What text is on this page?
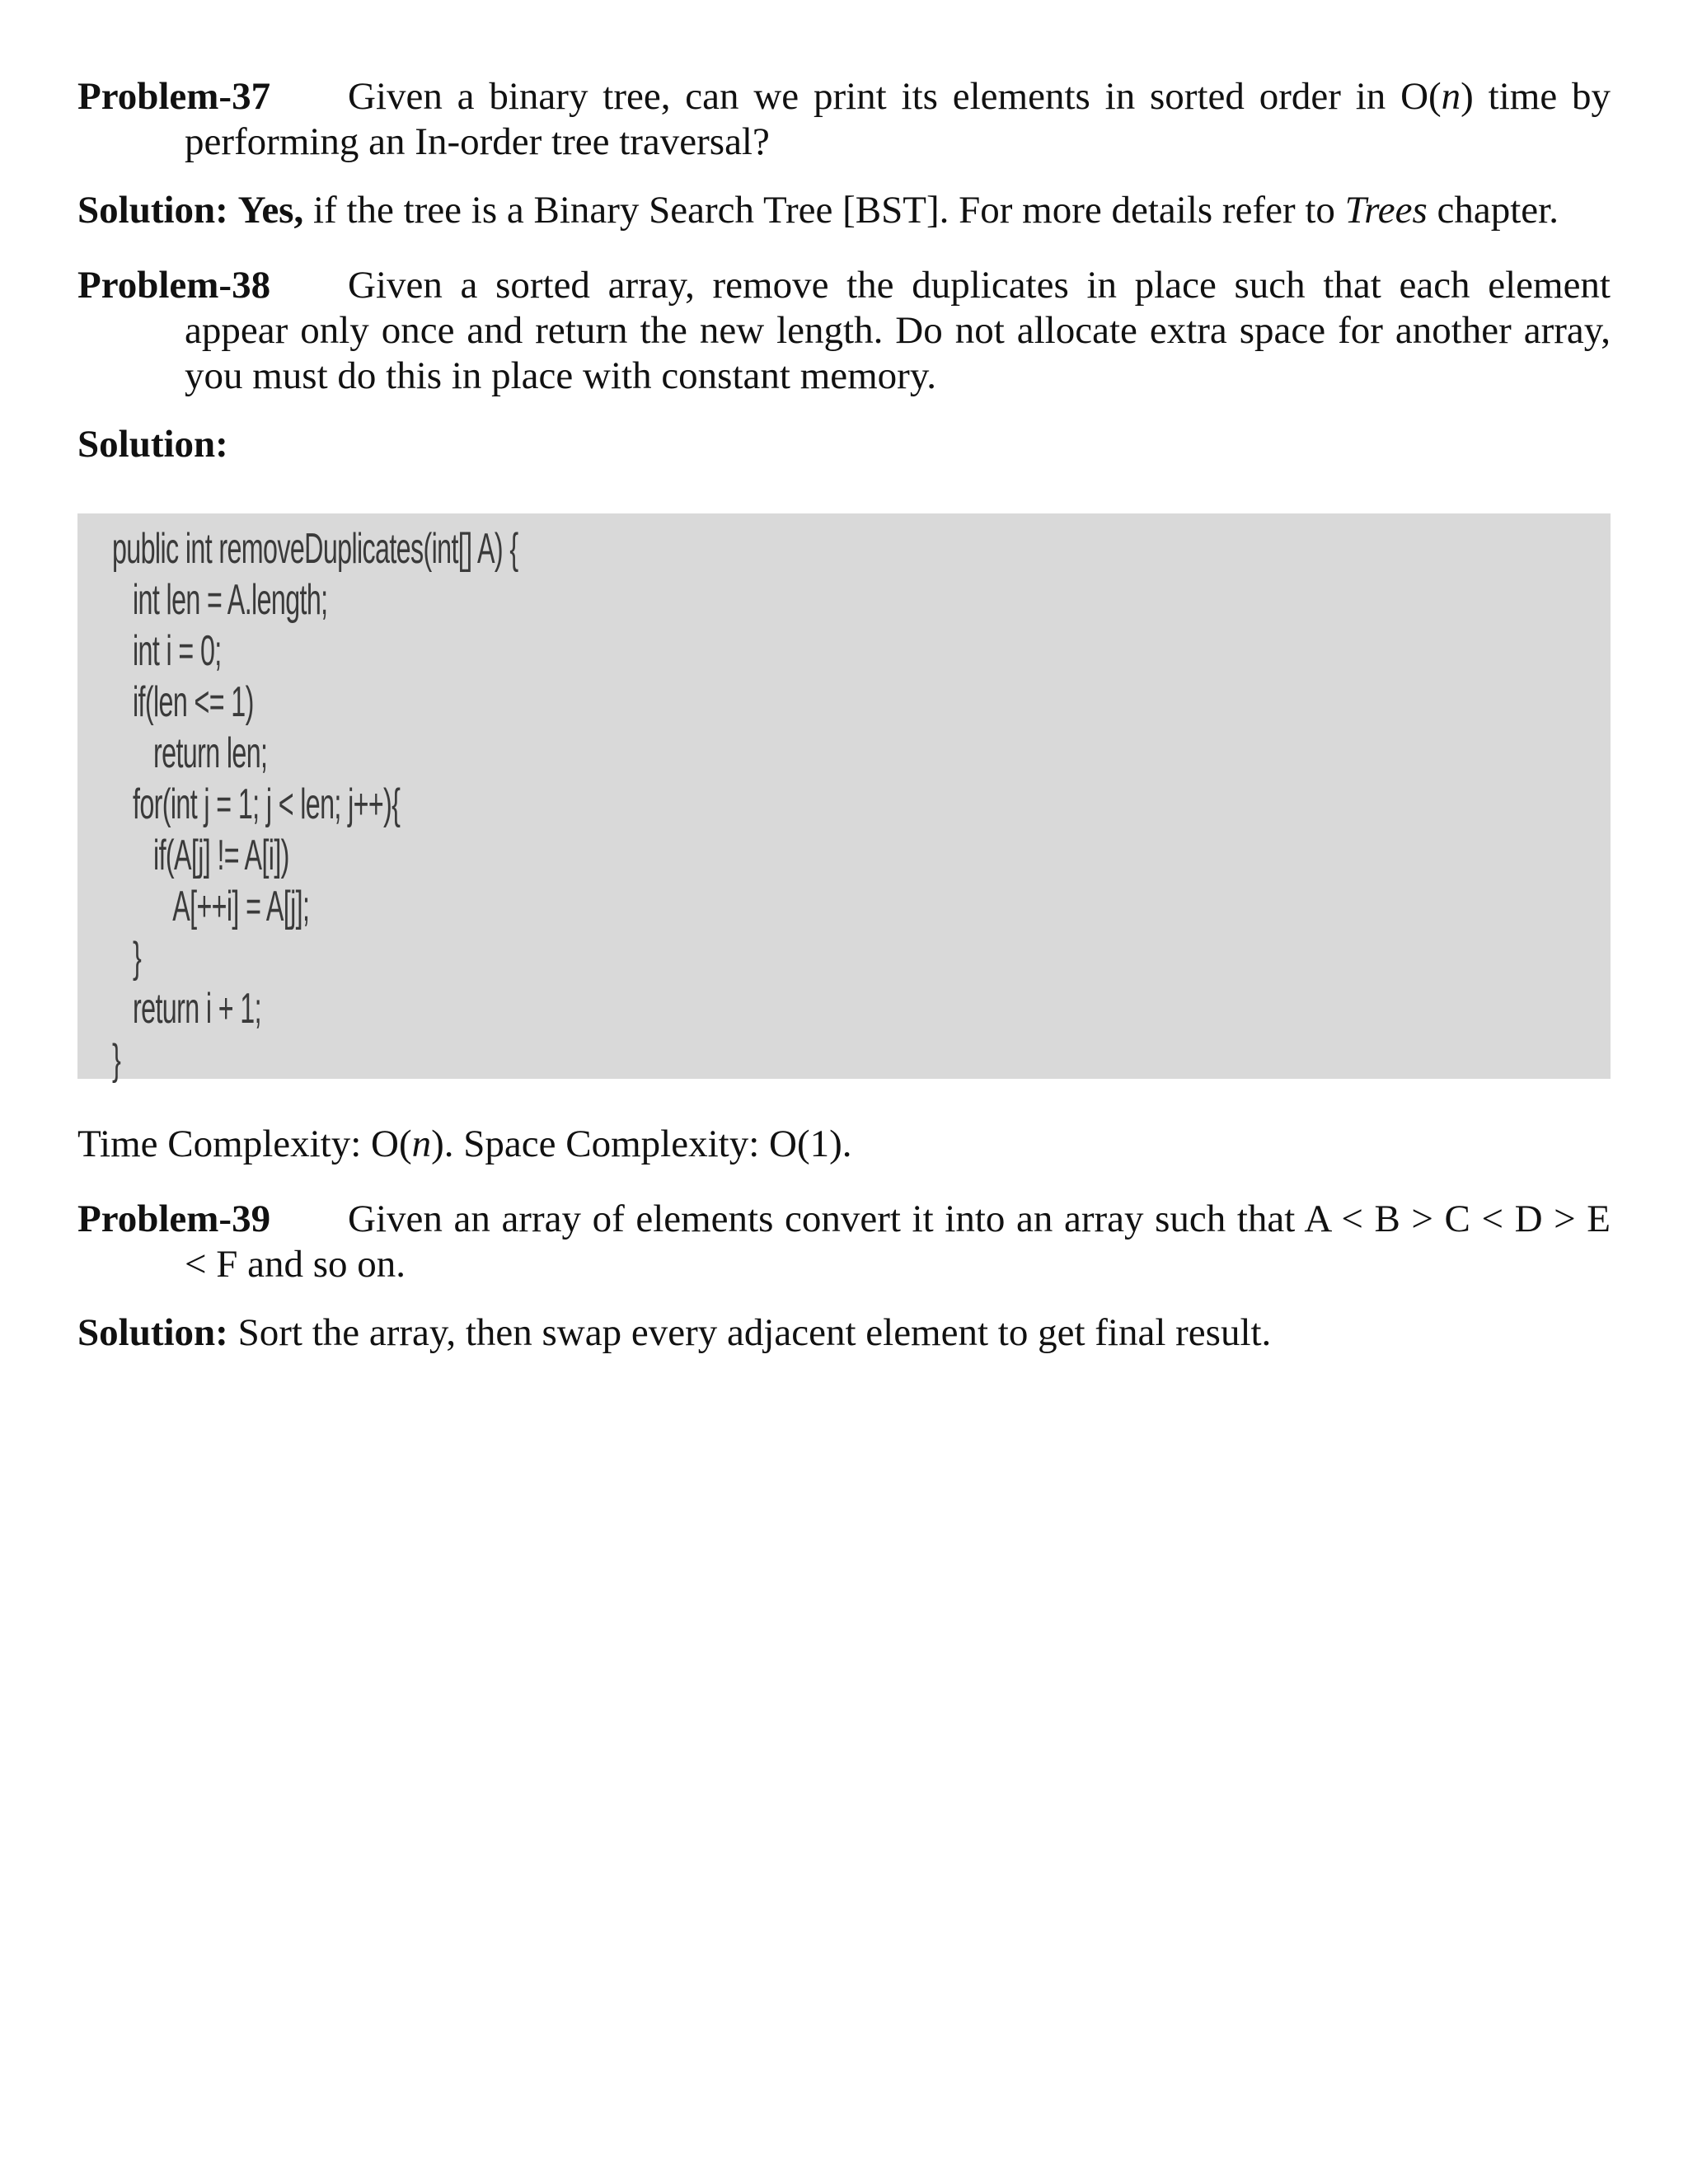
Problem-37 Given a binary tree, can we print its elements in sorted order in O(n) time by
performing an In-order tree traversal?
Solution: Yes, if the tree is a Binary Search Tree [BST]. For more details refer to Trees chapter.
Problem-38 Given a sorted array, remove the duplicates in place such that each element
appear only once and return the new length. Do not allocate extra space for another array,
you must do this in place with constant memory.
Solution:
public int removeDuplicates(int[] A) {
int len = A.length;
int i = 0;
if(len <= 1)
return len;
for(int j = 1; j < len; j++){
if(A[j] != A[i])
A[++i] = A[j];
}
return i + 1;
}
Time Complexity: O(n). Space Complexity: O(1).
Problem-39 Given an array of elements convert it into an array such that A < B > C < D > E
< F and so on.
Solution: Sort the array, then swap every adjacent element to get final result.
